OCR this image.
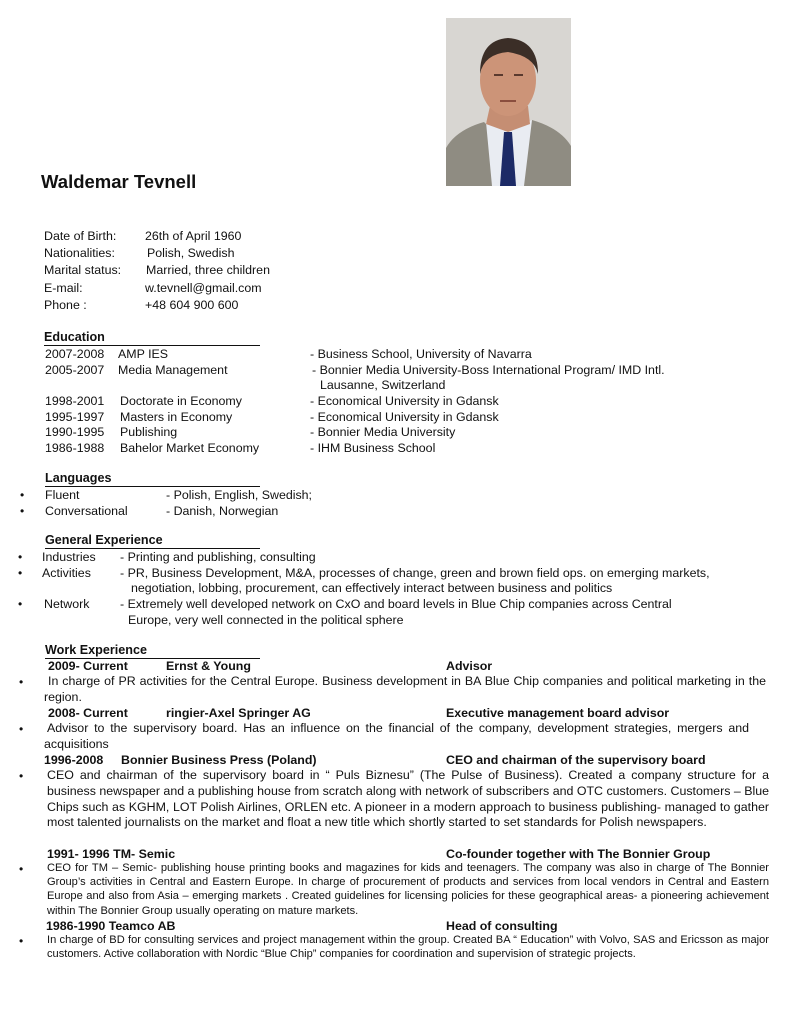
Waldemar Tevnell
Date of Birth: 26th of April 1960
Nationalities:	Polish, Swedish
Marital status: Married, three children
E-mail:	w.tevnell@gmail.com
Phone :	+48 604 900 600
Education
2007-2008 AMP IES	- Business School, University of Navarra
2005-2007 Media Management	- Bonnier Media University-Boss International Program/ IMD Intl.
Lausanne, Switzerland
1998-2001 Doctorate in Economy	- Economical University in Gdansk
1995-1997 Masters in Economy	- Economical University in Gdansk
1990-1995 Publishing	- Bonnier Media University
1986-1988 Bahelor Market Economy	- IHM Business School
Languages
• Fluent	- Polish, English, Swedish;
• Conversational	- Danish, Norwegian
General Experience
• Industries - Printing and publishing, consulting
• Activities - PR, Business Development, M&A, processes of change, green and brown field ops. on emerging markets,
negotiation, lobbing, procurement, can effectively interact between business and politics
• Network - Extremely well developed network on CxO and board levels in Blue Chip companies across Central
Europe, very well connected in the political sphere
Work Experience
2009- Current	Ernst & Young	Advisor
•	In charge of PR activities for the Central Europe. Business development in BA Blue Chip companies and political marketing in the region.
2008- Current	ringier-Axel Springer AG	Executive management board advisor
• Advisor to the supervisory board. Has an influence on the financial of the company, development strategies, mergers and acquisitions
1996-2008 Bonnier Business Press (Poland)	CEO and chairman of the supervisory board
• CEO and chairman of the supervisory board in “ Puls Biznesu” (The Pulse of Business). Created a company structure for a business newspaper and a publishing house from scratch along with network of subscribers and OTC customers. Customers – Blue Chips such as KGHM, LOT Polish Airlines, ORLEN etc. A pioneer in a modern approach to business publishing- managed to gather most talented journalists on the market and float a new title which shortly started to set standards for Polish newspapers.
1991- 1996 TM- Semic	Co-founder together with The Bonnier Group
• CEO for TM – Semic- publishing house printing books and magazines for kids and teenagers. The company was also in charge of The Bonnier Group’s activities in Central and Eastern Europe. In charge of procurement of products and services from local vendors in Central and Eastern Europe and also from Asia – emerging markets . Created guidelines for licensing policies for these geographical areas- a pioneering achievement within The Bonnier Group usually operating on mature markets.
1986-1990 Teamco AB	Head of consulting
• In charge of BD for consulting services and project management within the group. Created BA “ Education” with Volvo, SAS and Ericsson as major customers. Active collaboration with Nordic “Blue Chip” companies for coordination and supervision of strategic projects.
